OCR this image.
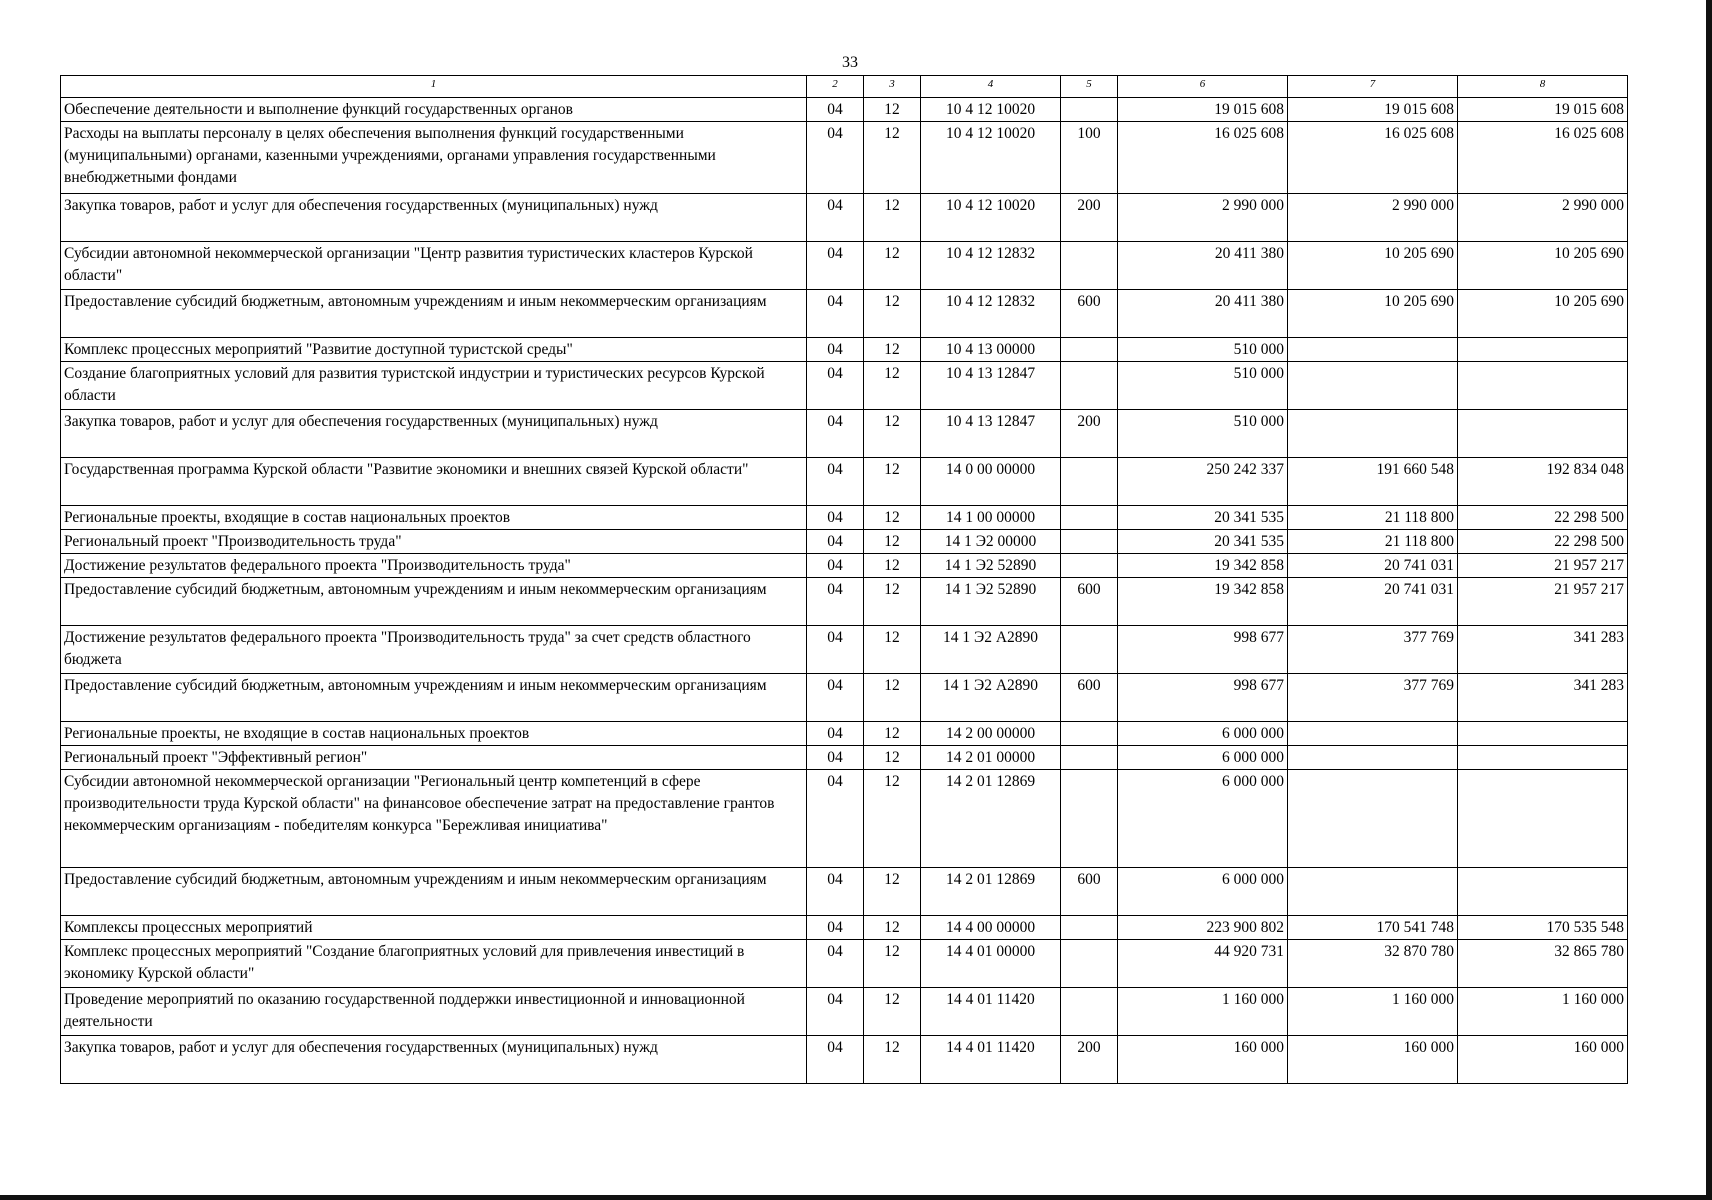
33
1	2	3	4	5	6	7	8
Обеспечение деятельности и выполнение функций государственных органов	04	12	10 4 12 10020		19 015 608	19 015 608	19 015 608
Расходы на выплаты персоналу в целях обеспечения выполнения функций государственными (муниципальными) органами, казенными учреждениями, органами управления государственными внебюджетными фондами	04	12	10 4 12 10020	100	16 025 608	16 025 608	16 025 608
Закупка товаров, работ и услуг для обеспечения государственных (муниципальных) нужд	04	12	10 4 12 10020	200	2 990 000	2 990 000	2 990 000
Субсидии автономной некоммерческой организации "Центр развития туристических кластеров Курской области"	04	12	10 4 12 12832		20 411 380	10 205 690	10 205 690
Предоставление субсидий бюджетным, автономным учреждениям и иным некоммерческим организациям	04	12	10 4 12 12832	600	20 411 380	10 205 690	10 205 690
Комплекс процессных мероприятий "Развитие доступной туристской среды"	04	12	10 4 13 00000		510 000		
Создание благоприятных условий для развития туристской индустрии и туристических ресурсов Курской области	04	12	10 4 13 12847		510 000		
Закупка товаров, работ и услуг для обеспечения государственных (муниципальных) нужд	04	12	10 4 13 12847	200	510 000		
Государственная программа Курской области "Развитие экономики и внешних связей Курской области"	04	12	14 0 00 00000		250 242 337	191 660 548	192 834 048
Региональные проекты, входящие в состав национальных проектов	04	12	14 1 00 00000		20 341 535	21 118 800	22 298 500
Региональный проект "Производительность труда"	04	12	14 1 Э2 00000		20 341 535	21 118 800	22 298 500
Достижение результатов федерального проекта "Производительность труда"	04	12	14 1 Э2 52890		19 342 858	20 741 031	21 957 217
Предоставление субсидий бюджетным, автономным учреждениям и иным некоммерческим организациям	04	12	14 1 Э2 52890	600	19 342 858	20 741 031	21 957 217
Достижение результатов федерального проекта "Производительность труда" за счет средств областного бюджета	04	12	14 1 Э2 А2890		998 677	377 769	341 283
Предоставление субсидий бюджетным, автономным учреждениям и иным некоммерческим организациям	04	12	14 1 Э2 А2890	600	998 677	377 769	341 283
Региональные проекты, не входящие в состав национальных проектов	04	12	14 2 00 00000		6 000 000		
Региональный проект "Эффективный регион"	04	12	14 2 01 00000		6 000 000		
Субсидии автономной некоммерческой организации "Региональный центр компетенций в сфере производительности труда Курской области" на финансовое обеспечение затрат на предоставление грантов некоммерческим организациям - победителям конкурса "Бережливая инициатива"	04	12	14 2 01 12869		6 000 000		
Предоставление субсидий бюджетным, автономным учреждениям и иным некоммерческим организациям	04	12	14 2 01 12869	600	6 000 000		
Комплексы процессных мероприятий	04	12	14 4 00 00000		223 900 802	170 541 748	170 535 548
Комплекс процессных мероприятий "Создание благоприятных условий для привлечения инвестиций в экономику Курской области"	04	12	14 4 01 00000		44 920 731	32 870 780	32 865 780
Проведение мероприятий по оказанию государственной поддержки инвестиционной и инновационной деятельности	04	12	14 4 01 11420		1 160 000	1 160 000	1 160 000
Закупка товаров, работ и услуг для обеспечения государственных (муниципальных) нужд	04	12	14 4 01 11420	200	160 000	160 000	160 000
